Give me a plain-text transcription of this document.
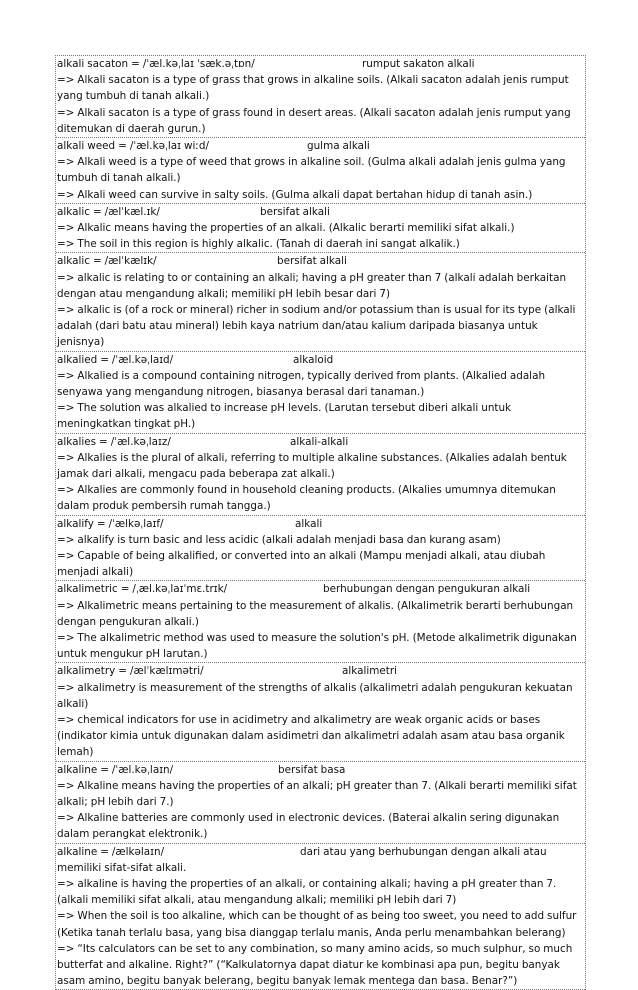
alkali sacaton = /ˈæl.kəˌlaɪ ˈsæk.əˌtɒn/	rumput sakaton alkali
=> Alkali sacaton is a type of grass that grows in alkaline soils. (Alkali sacaton adalah jenis rumput yang tumbuh di tanah alkali.)
=> Alkali sacaton is a type of grass found in desert areas. (Alkali sacaton adalah jenis rumput yang ditemukan di daerah gurun.)
alkali weed = /ˈæl.kəˌlaɪ wiːd/	gulma alkali
=> Alkali weed is a type of weed that grows in alkaline soil. (Gulma alkali adalah jenis gulma yang tumbuh di tanah alkali.)
=> Alkali weed can survive in salty soils. (Gulma alkali dapat bertahan hidup di tanah asin.)
alkalic = /ælˈkæl.ɪk/	bersifat alkali
=> Alkalic means having the properties of an alkali. (Alkalic berarti memiliki sifat alkali.)
=> The soil in this region is highly alkalic. (Tanah di daerah ini sangat alkalik.)
alkalic = /ælˈkælɪk/	bersifat alkali
=> alkalic is relating to or containing an alkali; having a pH greater than 7 (alkali adalah berkaitan dengan atau mengandung alkali; memiliki pH lebih besar dari 7)
=> alkalic is (of a rock or mineral) richer in sodium and/or potassium than is usual for its type (alkali adalah (dari batu atau mineral) lebih kaya natrium dan/atau kalium daripada biasanya untuk jenisnya)
alkalied = /ˈæl.kəˌlaɪd/	alkaloid
=> Alkalied is a compound containing nitrogen, typically derived from plants. (Alkalied adalah senyawa yang mengandung nitrogen, biasanya berasal dari tanaman.)
=> The solution was alkalied to increase pH levels. (Larutan tersebut diberi alkali untuk meningkatkan tingkat pH.)
alkalies = /ˈæl.kəˌlaɪz/	alkali-alkali
=> Alkalies is the plural of alkali, referring to multiple alkaline substances. (Alkalies adalah bentuk jamak dari alkali, mengacu pada beberapa zat alkali.)
=> Alkalies are commonly found in household cleaning products. (Alkalies umumnya ditemukan dalam produk pembersih rumah tangga.)
alkalify = /ˈælkəˌlaɪf/	alkali
=> alkalify is turn basic and less acidic (alkali adalah menjadi basa dan kurang asam)
=> Capable of being alkalified, or converted into an alkali (Mampu menjadi alkali, atau diubah menjadi alkali)
alkalimetric = /ˌæl.kəˌlaɪˈmɛ.trɪk/	berhubungan dengan pengukuran alkali
=> Alkalimetric means pertaining to the measurement of alkalis. (Alkalimetrik berarti berhubungan dengan pengukuran alkali.)
=> The alkalimetric method was used to measure the solution's pH. (Metode alkalimetrik digunakan untuk mengukur pH larutan.)
alkalimetry = /ælˈkælɪmətri/	alkalimetri
=> alkalimetry is measurement of the strengths of alkalis (alkalimetri adalah pengukuran kekuatan alkali)
=> chemical indicators for use in acidimetry and alkalimetry are weak organic acids or bases (indikator kimia untuk digunakan dalam asidimetri dan alkalimetri adalah asam atau basa organik lemah)
alkaline = /ˈæl.kəˌlaɪn/	bersifat basa
=> Alkaline means having the properties of an alkali; pH greater than 7. (Alkali berarti memiliki sifat alkali; pH lebih dari 7.)
=> Alkaline batteries are commonly used in electronic devices. (Baterai alkalin sering digunakan dalam perangkat elektronik.)
alkaline = /ælkəlaɪn/	dari atau yang berhubungan dengan alkali atau memiliki sifat-sifat alkali.
=> alkaline is having the properties of an alkali, or containing alkali; having a pH greater than 7. (alkali memiliki sifat alkali, atau mengandung alkali; memiliki pH lebih dari 7)
=> When the soil is too alkaline, which can be thought of as being too sweet, you need to add sulfur (Ketika tanah terlalu basa, yang bisa dianggap terlalu manis, Anda perlu menambahkan belerang)
=> “Its calculators can be set to any combination, so many amino acids, so much sulphur, so much butterfat and alkaline. Right?” (“Kalkulatornya dapat diatur ke kombinasi apa pun, begitu banyak asam amino, begitu banyak belerang, begitu banyak lemak mentega dan basa. Benar?”)
